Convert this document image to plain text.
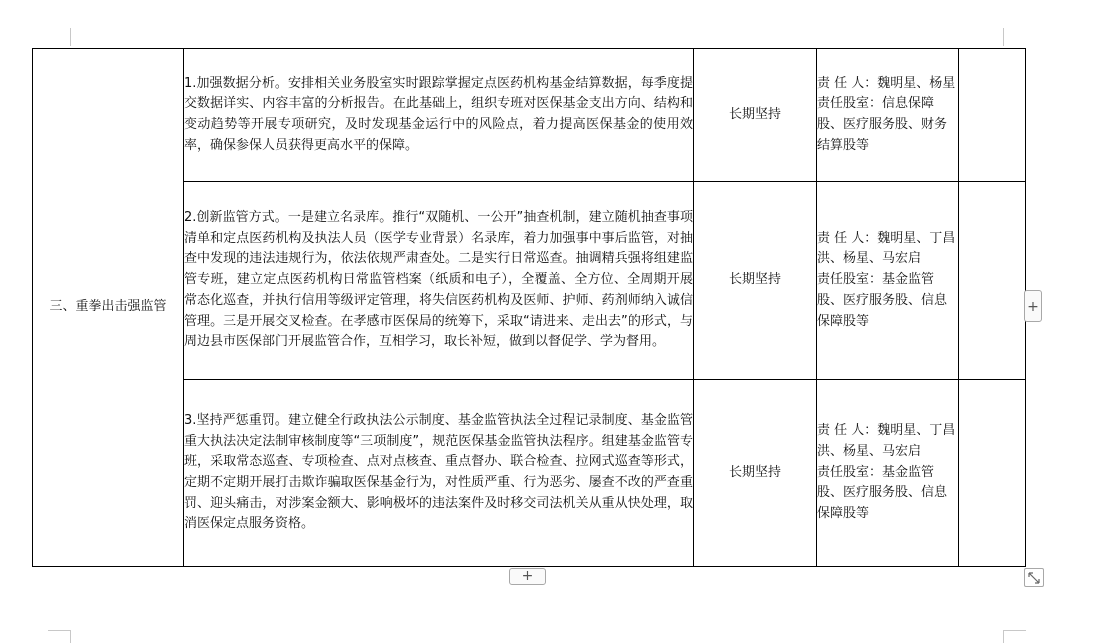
三、重拳出击强监管	1.加强数据分析。安排相关业务股室实时跟踪掌握定点医药机构基金结算数据，每季度提交数据详实、内容丰富的分析报告。在此基础上，组织专班对医保基金支出方向、结构和变动趋势等开展专项研究，及时发现基金运行中的风险点，着力提高医保基金的使用效率，确保参保人员获得更高水平的保障。	长期坚持	责 任 人： 魏明星、杨星
责任股室：信息保障股、医疗服务股、财务结算股等	

	2.创新监管方式。一是建立名录库。推行“双随机、一公开”抽查机制，建立随机抽查事项清单和定点医药机构及执法人员（医学专业背景）名录库，着力加强事中事后监管，对抽查中发现的违法违规行为，依法依规严肃查处。二是实行日常巡查。抽调精兵强将组建监管专班，建立定点医药机构日常监管档案（纸质和电子），全覆盖、全方位、全周期开展常态化巡查，并执行信用等级评定管理，将失信医药机构及医师、护师、药剂师纳入诚信管理。三是开展交叉检查。在孝感市医保局的统筹下，采取“请进来、走出去”的形式，与周边县市医保部门开展监管合作，互相学习，取长补短，做到以督促学、学为督用。	长期坚持	责 任 人：魏明星、丁昌洪、杨星、马宏启
责任股室：基金监管股、医疗服务股、信息保障股等	

	3.坚持严惩重罚。建立健全行政执法公示制度、基金监管执法全过程记录制度、基金监管重大执法决定法制审核制度等“三项制度”，规范医保基金监管执法程序。组建基金监管专班，采取常态巡查、专项检查、点对点核查、重点督办、联合检查、拉网式巡查等形式，定期不定期开展打击欺诈骗取医保基金行为，对性质严重、行为恶劣、屡查不改的严查重罚、迎头痛击，对涉案金额大、影响极坏的违法案件及时移交司法机关从重从快处理，取消医保定点服务资格。	长期坚持	责 任 人：魏明星、丁昌洪、杨星、马宏启
责任股室：基金监管股、医疗服务股、信息保障股等	

+
+
